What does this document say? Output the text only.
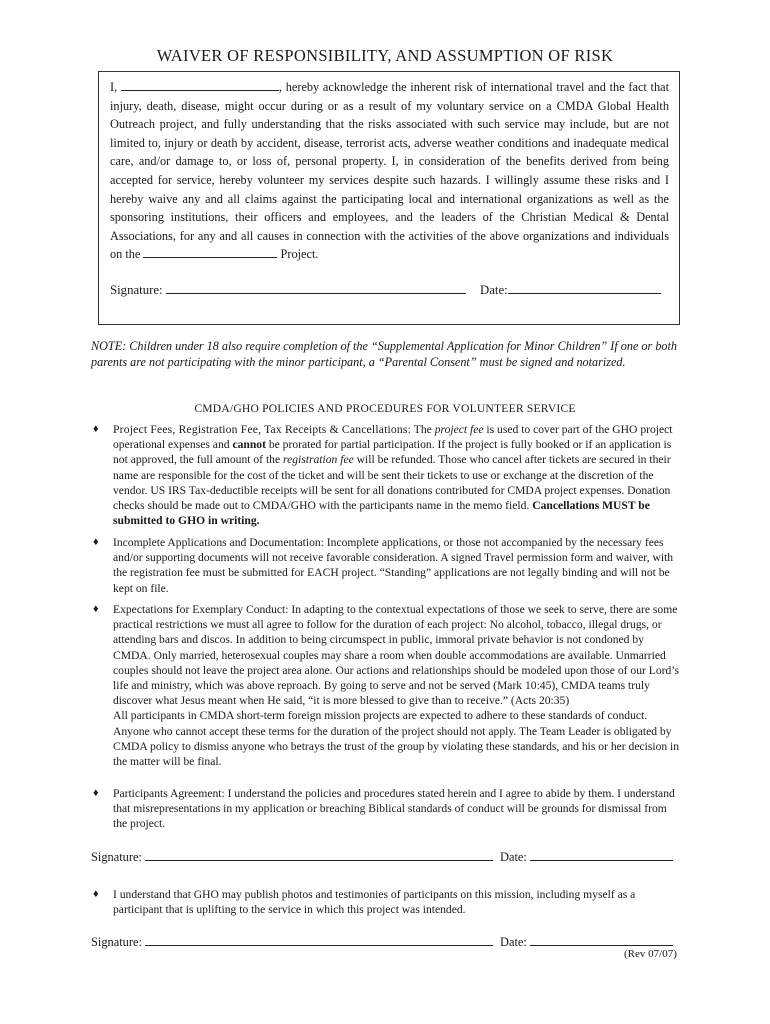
WAIVER OF RESPONSIBILITY, AND ASSUMPTION OF RISK

I,	, hereby acknowledge the inherent risk of international travel and the fact that injury, death, disease, might occur during or as a result of my voluntary service on a CMDA Global Health Outreach project, and fully understanding that the risks associated with such service may include, but are not limited to, injury or death by accident, disease, terrorist acts, adverse weather conditions and inadequate medical care, and/or damage to, or loss of, personal property. I, in consideration of the benefits derived from being accepted for service, hereby volunteer my services despite such hazards. I willingly assume these risks and I hereby waive any and all claims against the participating local and international organizations as well as the sponsoring institutions, their officers and employees, and the leaders of the Christian Medical & Dental Associations, for any and all causes in connection with the activities of the above organizations and individuals on the	Project.

Signature:	Date:
NOTE: Children under 18 also require completion of the “Supplemental Application for Minor Children” If one or both parents are not participating with the minor participant, a “Parental Consent” must be signed and notarized.
CMDA/GHO POLICIES AND PROCEDURES FOR VOLUNTEER SERVICE
♦ Project Fees, Registration Fee, Tax Receipts & Cancellations: The project fee is used to cover part of the GHO project operational expenses and cannot be prorated for partial participation. If the project is fully booked or if an application is not approved, the full amount of the registration fee will be refunded. Those who cancel after tickets are secured in their name are responsible for the cost of the ticket and will be sent their tickets to use or exchange at the discretion of the vendor. US IRS Tax-deductible receipts will be sent for all donations contributed for CMDA project expenses. Donation checks should be made out to CMDA/GHO with the participants name in the memo field. Cancellations MUST be submitted to GHO in writing.
♦ Incomplete Applications and Documentation: Incomplete applications, or those not accompanied by the necessary fees and/or supporting documents will not receive favorable consideration. A signed Travel permission form and waiver, with the registration fee must be submitted for EACH project. “Standing” applications are not legally binding and will not be kept on file.
♦ Expectations for Exemplary Conduct: In adapting to the contextual expectations of those we seek to serve, there are some practical restrictions we must all agree to follow for the duration of each project: No alcohol, tobacco, illegal drugs, or attending bars and discos. In addition to being circumspect in public, immoral private behavior is not condoned by CMDA. Only married, heterosexual couples may share a room when double accommodations are available. Unmarried couples should not leave the project area alone. Our actions and relationships should be modeled upon those of our Lord’s life and ministry, which was above reproach. By going to serve and not be served (Mark 10:45), CMDA teams truly discover what Jesus meant when He said, “it is more blessed to give than to receive.” (Acts 20:35)
All participants in CMDA short-term foreign mission projects are expected to adhere to these standards of conduct. Anyone who cannot accept these terms for the duration of the project should not apply. The Team Leader is obligated by CMDA policy to dismiss anyone who betrays the trust of the group by violating these standards, and his or her decision in the matter will be final.
♦ Participants Agreement: I understand the policies and procedures stated herein and I agree to abide by them. I understand that misrepresentations in my application or breaching Biblical standards of conduct will be grounds for dismissal from the project.
Signature:	Date:
♦ I understand that GHO may publish photos and testimonies of participants on this mission, including myself as a participant that is uplifting to the service in which this project was intended.
Signature:	Date:
(Rev 07/07)
